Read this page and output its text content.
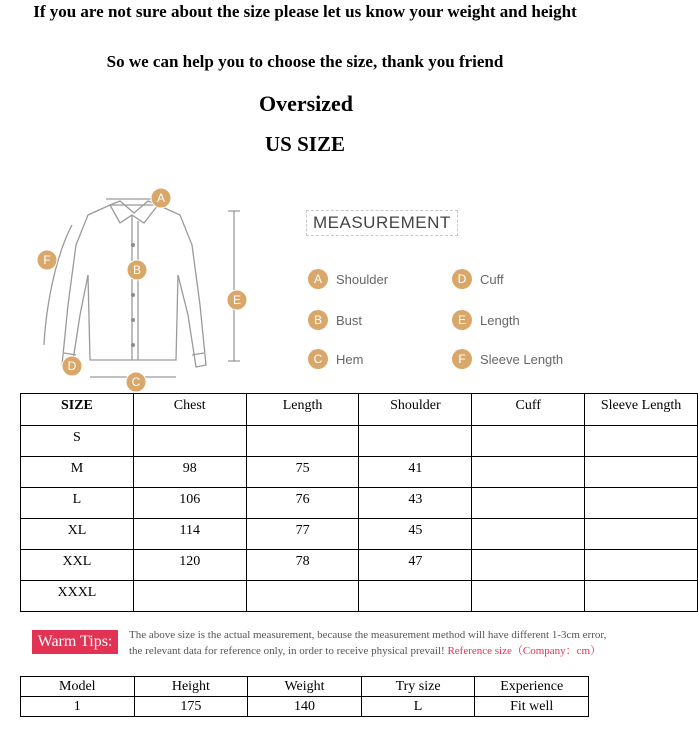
If you are not sure about the size please let us know your weight and height
So we can help you to choose the size, thank you friend
Oversized
US SIZE
A
B
C
D
E
F
MEASUREMENT
A	Shoulder	D	Cuff
B	Bust	E	Length
C	Hem	F	Sleeve Length
SIZE	Chest	Length	Shoulder	Cuff	Sleeve Length
S					
M	98	75	41		
L	106	76	43		
XL	114	77	45		
XXL	120	78	47		
XXXL					
Warm Tips:	The above size is the actual measurement, because the measurement method will have different 1-3cm error,
the relevant data for reference only, in order to receive physical prevail! Reference size（Company：cm）
Model	Height	Weight	Try size	Experience
1	175	140	L	Fit well
